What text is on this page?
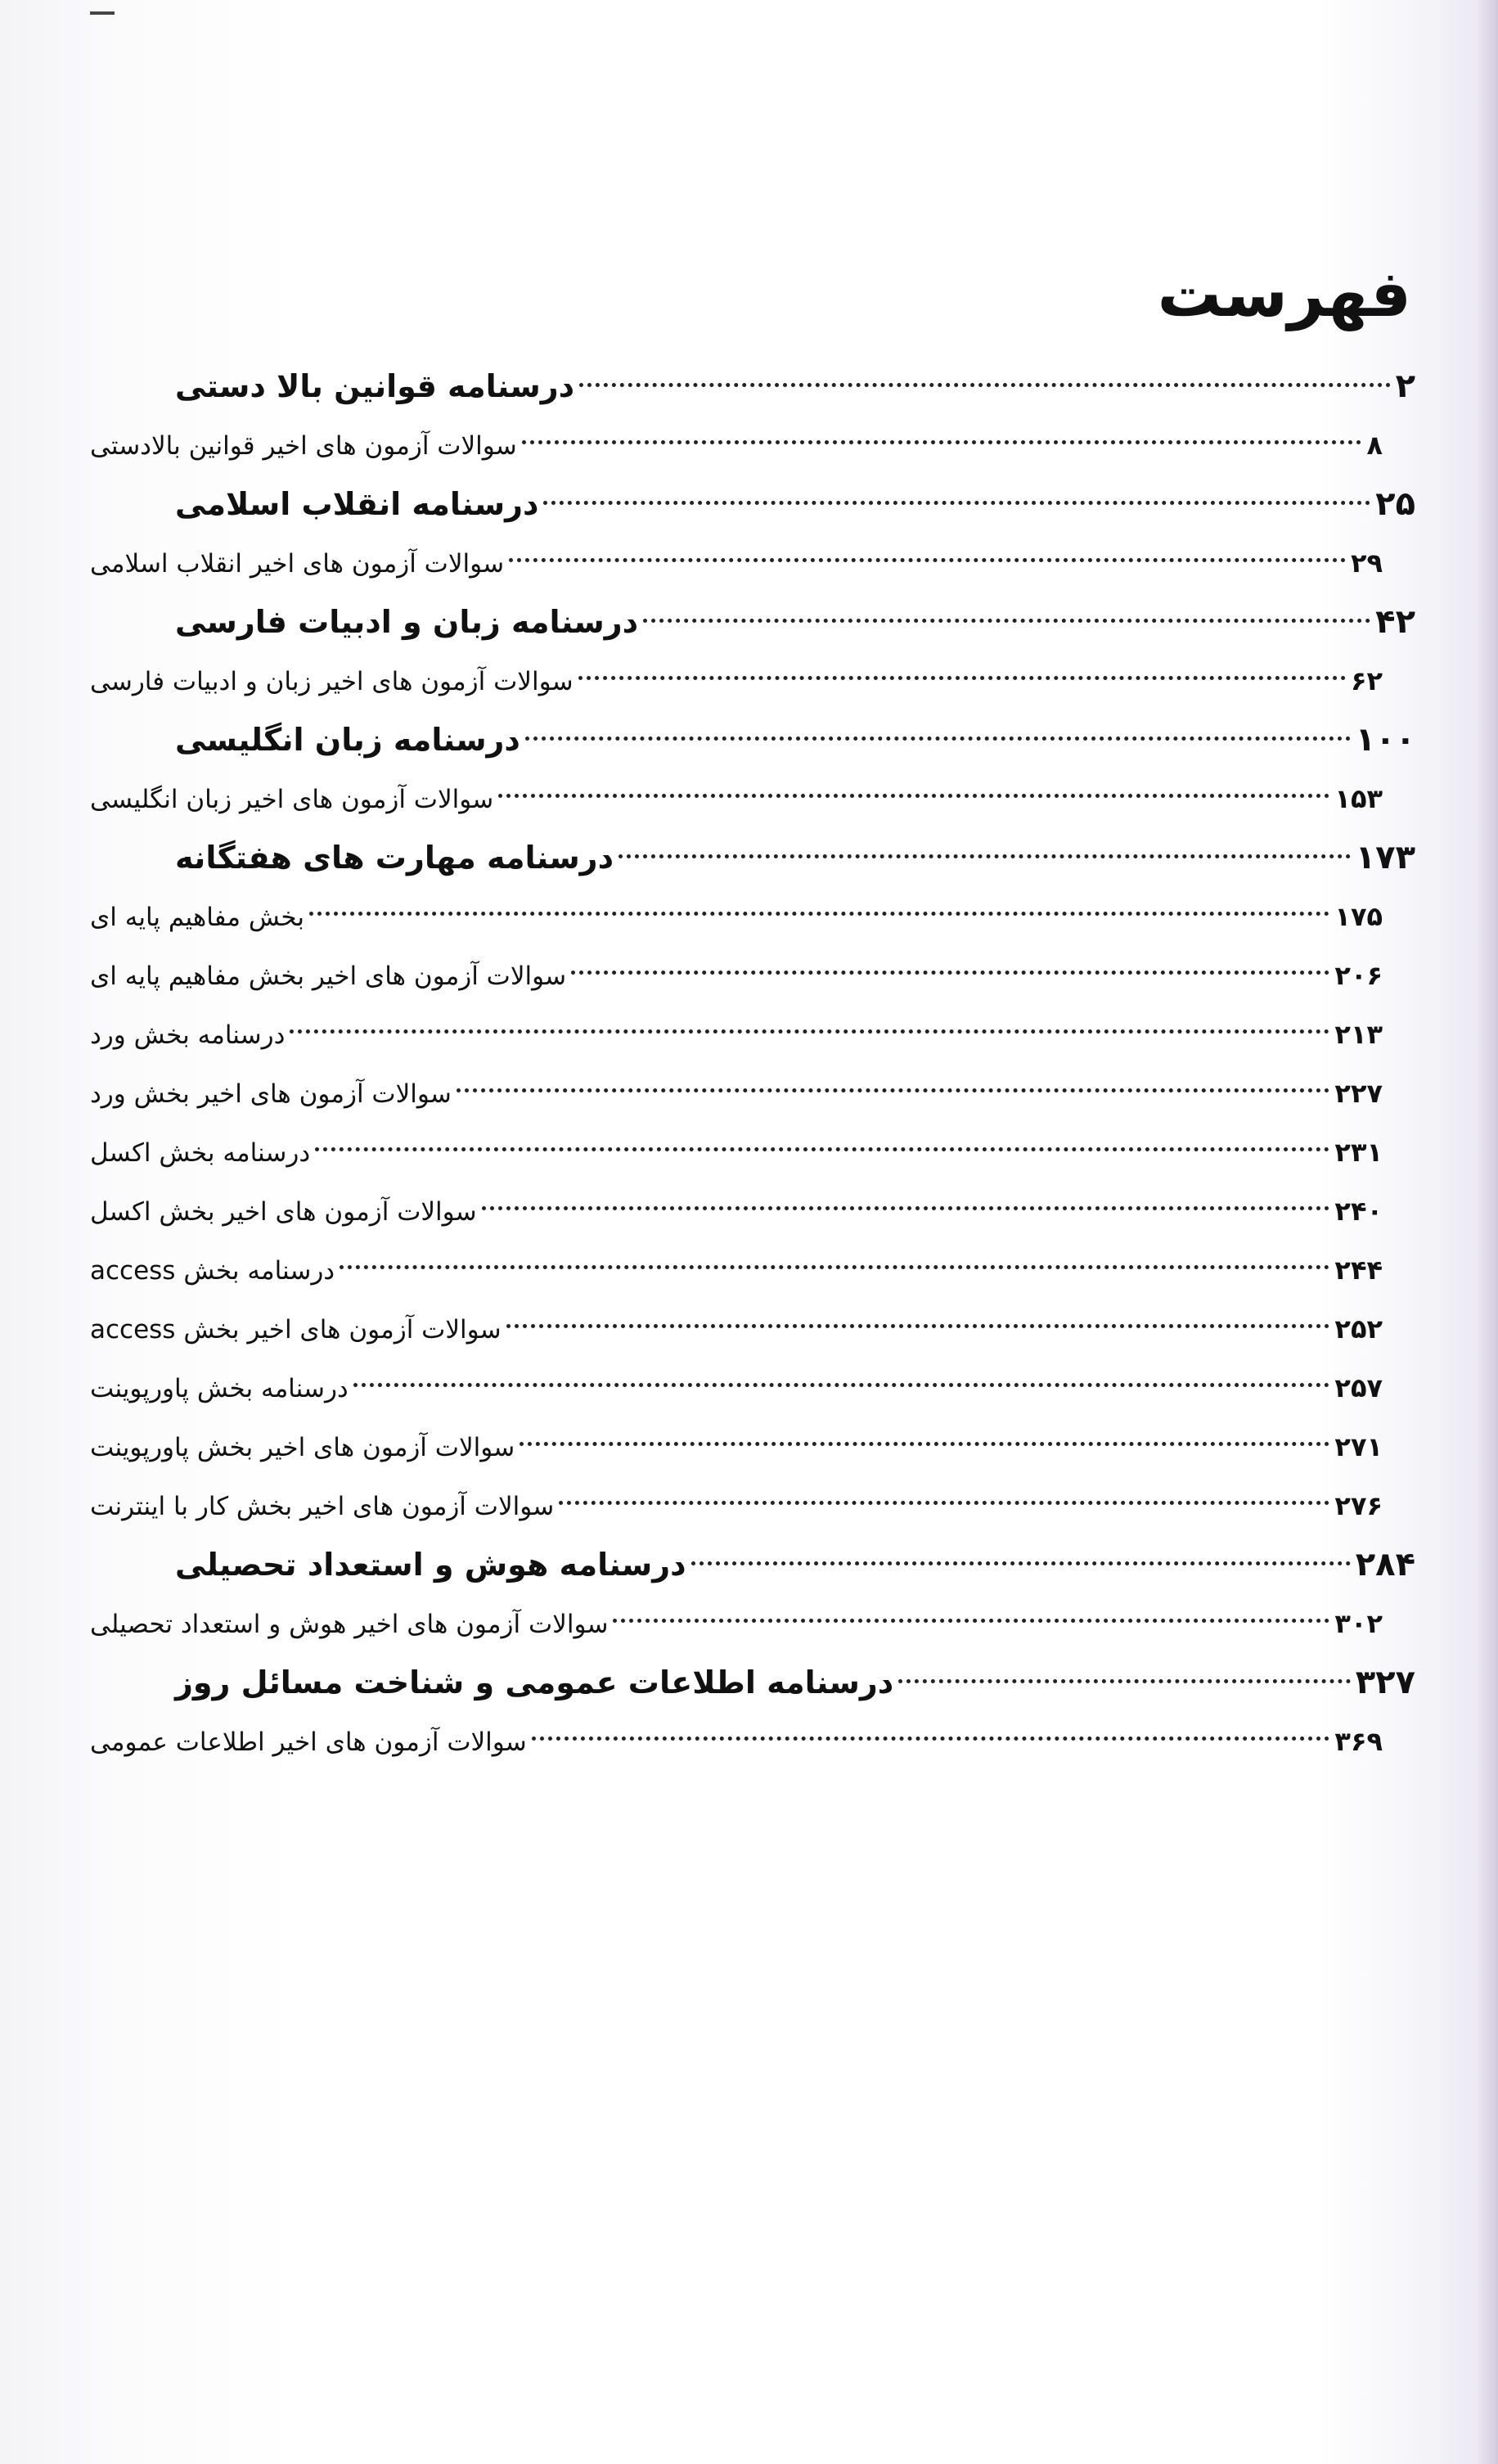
فهرست
درسنامه قوانین بالا دستی	۲
سوالات آزمون های اخیر قوانین بالادستی	۸
درسنامه انقلاب اسلامی	۲۵
سوالات آزمون های اخیر انقلاب اسلامی	۲۹
درسنامه زبان و ادبیات فارسی	۴۲
سوالات آزمون های اخیر زبان و ادبیات فارسی	۶۲
درسنامه زبان انگلیسی	۱۰۰
سوالات آزمون های اخیر زبان انگلیسی	۱۵۳
درسنامه مهارت های هفتگانه	۱۷۳
بخش مفاهیم پایه ای	۱۷۵
سوالات آزمون های اخیر بخش مفاهیم پایه ای	۲۰۶
درسنامه بخش ورد	۲۱۳
سوالات آزمون های اخیر بخش ورد	۲۲۷
درسنامه بخش اکسل	۲۳۱
سوالات آزمون های اخیر بخش اکسل	۲۴۰
درسنامه بخش access	۲۴۴
سوالات آزمون های اخیر بخش access	۲۵۲
درسنامه بخش پاورپوینت	۲۵۷
سوالات آزمون های اخیر بخش پاورپوینت	۲۷۱
سوالات آزمون های اخیر بخش کار با اینترنت	۲۷۶
درسنامه هوش و استعداد تحصیلی	۲۸۴
سوالات آزمون های اخیر هوش و استعداد تحصیلی	۳۰۲
درسنامه اطلاعات عمومی و شناخت مسائل روز	۳۲۷
سوالات آزمون های اخیر اطلاعات عمومی	۳۶۹
